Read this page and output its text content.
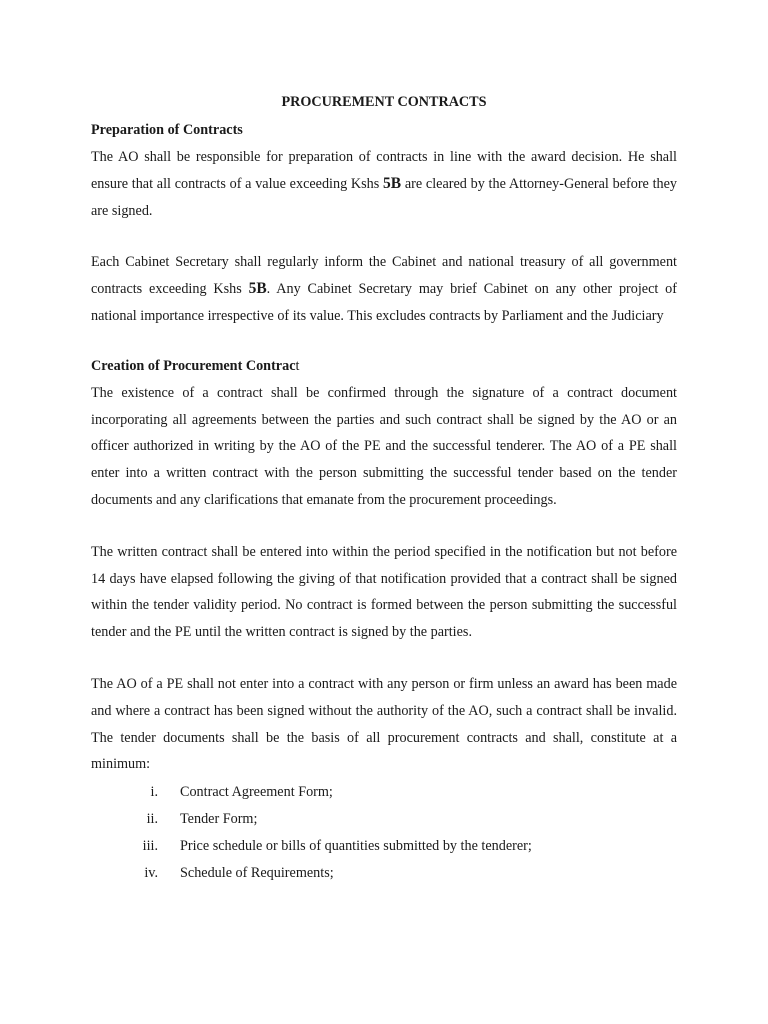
PROCUREMENT CONTRACTS
Preparation of Contracts

The AO shall be responsible for preparation of contracts in line with the award decision. He shall ensure that all contracts of a value exceeding Kshs 5B are cleared by the Attorney-General before they are signed.

Each Cabinet Secretary shall regularly inform the Cabinet and national treasury of all government contracts exceeding Kshs 5B. Any Cabinet Secretary may brief Cabinet on any other project of national importance irrespective of its value. This excludes contracts by Parliament and the Judiciary

Creation of Procurement Contract

The existence of a contract shall be confirmed through the signature of a contract document incorporating all agreements between the parties and such contract shall be signed by the AO or an officer authorized in writing by the AO of the PE and the successful tenderer. The AO of a PE shall enter into a written contract with the person submitting the successful tender based on the tender documents and any clarifications that emanate from the procurement proceedings.

The written contract shall be entered into within the period specified in the notification but not before 14 days have elapsed following the giving of that notification provided that a contract shall be signed within the tender validity period. No contract is formed between the person submitting the successful tender and the PE until the written contract is signed by the parties.

The AO of a PE shall not enter into a contract with any person or firm unless an award has been made and where a contract has been signed without the authority of the AO, such a contract shall be invalid. The tender documents shall be the basis of all procurement contracts and shall, constitute at a minimum:

i.	Contract Agreement Form;
ii.	Tender Form;
iii.	Price schedule or bills of quantities submitted by the tenderer;
iv.	Schedule of Requirements;
